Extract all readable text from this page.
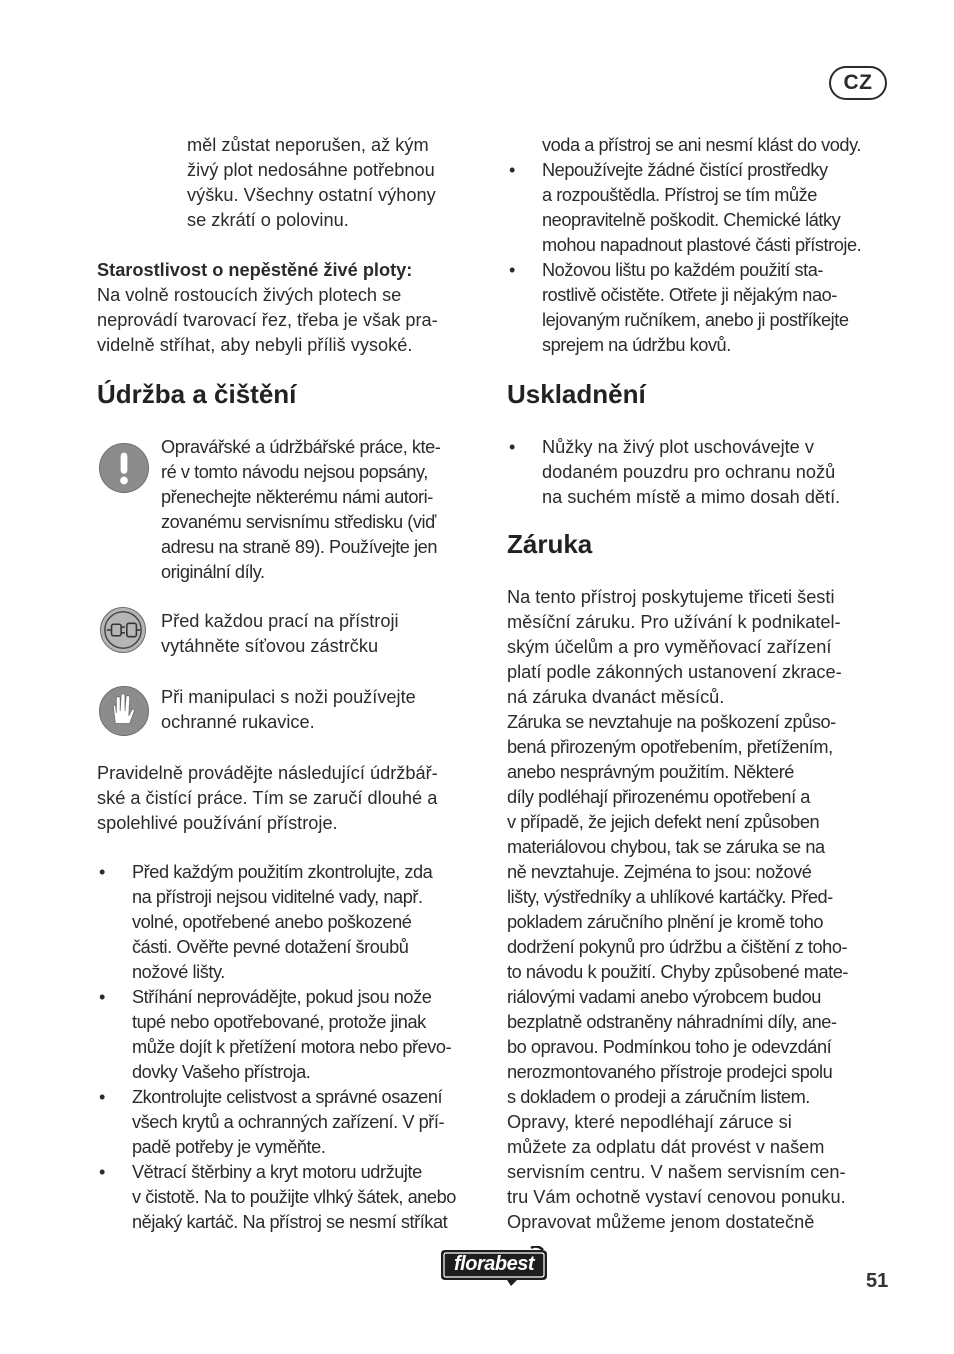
CZ
měl zůstat neporušen, až kým
živý plot nedosáhne potřebnou
výšku. Všechny ostatní výhony
se zkrátí o polovinu.
Starostlivost o nepěstěné živé ploty:
Na volně rostoucích živých plotech se
neprovádí tvarovací řez, třeba je však pra-
videlně stříhat, aby nebyli příliš vysoké.
Údržba a čištění
Opravářské a údržbářské práce, kte-
ré v tomto návodu nejsou popsány,
přenechejte některému námi autori-
zovanému servisnímu středisku (viď
adresu na straně 89). Používejte jen
originální díly.
Před každou prací na přístroji
vytáhněte síťovou zástrčku
Při manipulaci s noži používejte
ochranné rukavice.
Pravidelně provádějte následující údržbář-
ské a čistící práce. Tím se zaručí dlouhé a
spolehlivé používání přístroje.
• Před každým použitím zkontrolujte, zda
na přístroji nejsou viditelné vady, např.
volné, opotřebené anebo poškozené
části. Ověřte pevné dotažení šroubů
nožové lišty.
• Stříhání neprovádějte, pokud jsou nože
tupé nebo opotřebované, protože jinak
může dojít k přetížení motora nebo převo-
dovky Vašeho přístroja.
• Zkontrolujte celistvost a správné osazení
všech krytů a ochranných zařízení. V pří-
padě potřeby je vyměňte.
• Větrací štěrbiny a kryt motoru udržujte
v čistotě. Na to použijte vlhký šátek, anebo
nějaký kartáč. Na přístroj se nesmí stříkat
voda a přístroj se ani nesmí klást do vody.
• Nepoužívejte žádné čistící prostředky
a rozpouštědla. Přístroj se tím může
neopravitelně poškodit. Chemické látky
mohou napadnout plastové části přístroje.
• Nožovou lištu po každém použití sta-
rostlivě očistěte. Otřete ji nějakým nao-
lejovaným ručníkem, anebo ji postříkejte
sprejem na údržbu kovů.
Uskladnění
• Nůžky na živý plot uschovávejte v
dodaném pouzdru pro ochranu nožů
na suchém místě a mimo dosah dětí.
Záruka
Na tento přístroj poskytujeme třiceti šesti
měsíční záruku. Pro užívání k podnikatel-
ským účelům a pro vyměňovací zařízení
platí podle zákonných ustanovení zkrace-
ná záruka dvanáct měsíců.
Záruka se nevztahuje na poškození způso-
bená přirozeným opotřebením, přetížením,
anebo nesprávným použitím. Některé
díly podléhají přirozenému opotřebení a
v případě, že jejich defekt není způsoben
materiálovou chybou, tak se záruka se na
ně nevztahuje. Zejména to jsou: nožové
lišty, výstředníky a uhlíkové kartáčky. Před-
pokladem záručního plnění je kromě toho
dodržení pokynů pro údržbu a čištění z toho-
to návodu k použití. Chyby způsobené mate-
riálovými vadami anebo výrobcem budou
bezplatně odstraněny náhradními díly, ane-
bo opravou. Podmínkou toho je odevzdání
nerozmontovaného přístroje prodejci spolu
s dokladem o prodeji a záručním listem.
Opravy, které nepodléhají záruce si
můžete za odplatu dát provést v našem
servisním centru. V našem servisním cen-
tru Vám ochotně vystaví cenovou ponuku.
Opravovat můžeme jenom dostatečně
florabest
51
